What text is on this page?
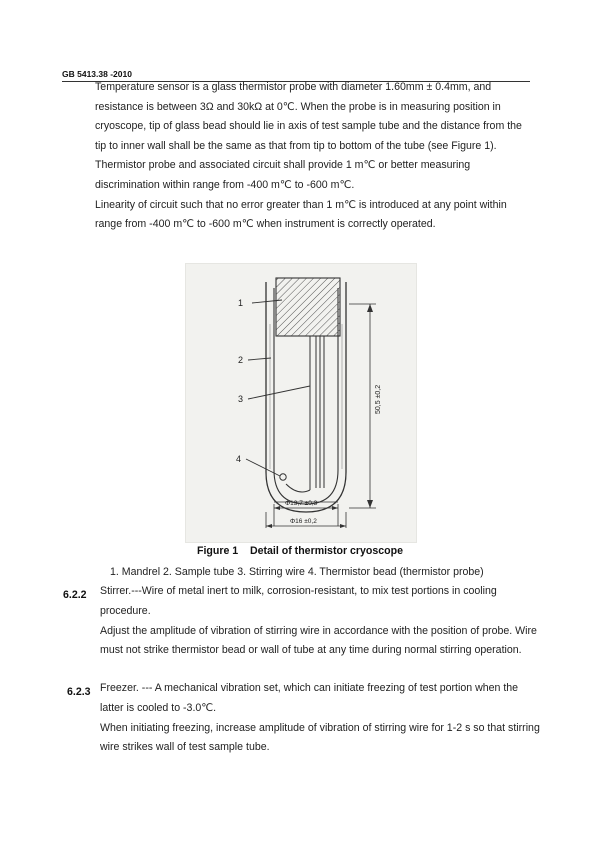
GB 5413.38 -2010
Temperature sensor is a glass thermistor probe with diameter 1.60mm ± 0.4mm, and resistance is between 3Ω and 30kΩ at 0℃. When the probe is in measuring position in cryoscope, tip of glass bead should lie in axis of test sample tube and the distance from the tip to inner wall shall be the same as that from tip to bottom of the tube (see Figure 1).
Thermistor probe and associated circuit shall provide 1 m℃ or better measuring discrimination within range from -400 m℃ to -600 m℃.
Linearity of circuit such that no error greater than 1 m℃ is introduced at any point within range from -400 m℃ to -600 m℃ when instrument is correctly operated.
1
2
3
4
50,5 ±0,2
Φ13,7 ±0,3
Φ16 ±0,2
Figure 1    Detail of thermistor cryoscope
1. Mandrel 2. Sample tube 3. Stirring wire 4. Thermistor bead (thermistor probe)
6.2.2 Stirrer.---Wire of metal inert to milk, corrosion-resistant, to mix test portions in cooling procedure.
Adjust the amplitude of vibration of stirring wire in accordance with the position of probe. Wire must not strike thermistor bead or wall of tube at any time during normal stirring operation.
6.2.3 Freezer. --- A mechanical vibration set, which can initiate freezing of test portion when the latter is cooled to -3.0℃.
When initiating freezing, increase amplitude of vibration of stirring wire for 1-2 s so that stirring wire strikes wall of test sample tube.
